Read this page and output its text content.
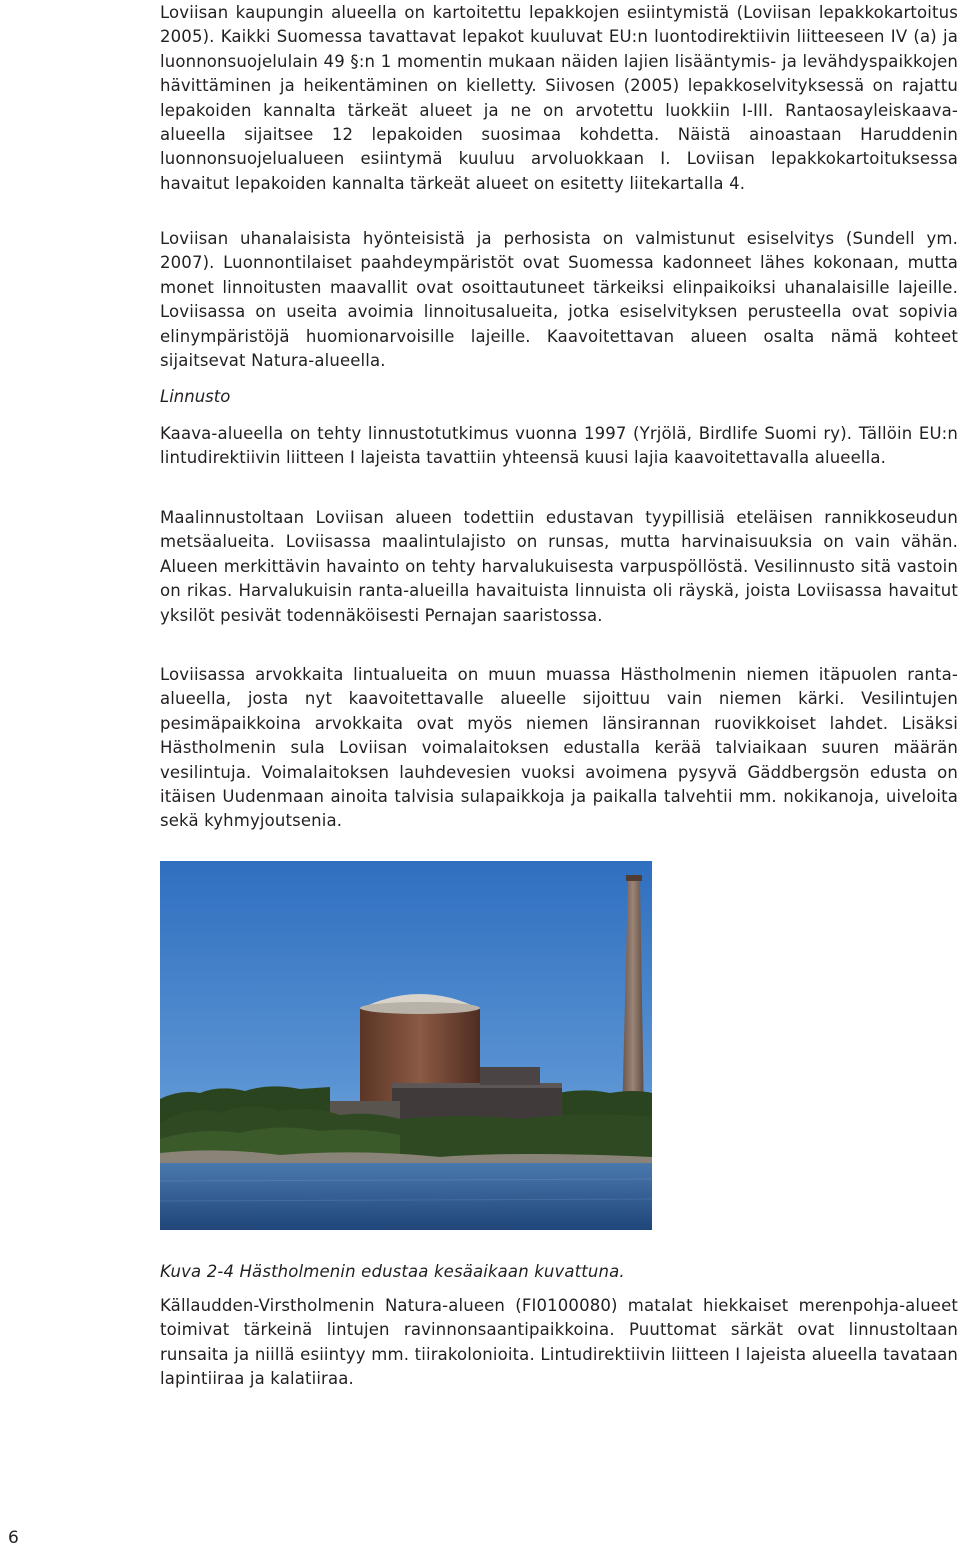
Loviisan kaupungin alueella on kartoitettu lepakkojen esiintymistä (Loviisan lepakkokartoitus 2005). Kaikki Suomessa tavattavat lepakot kuuluvat EU:n luontodirektiivin liitteeseen IV (a) ja luonnonsuojelulain 49 §:n 1 momentin mukaan näiden lajien lisääntymis- ja levähdyspaikkojen hävittäminen ja heikentäminen on kielletty. Siivosen (2005) lepakkoselvityksessä on rajattu lepakoiden kannalta tärkeät alueet ja ne on arvotettu luokkiin I-III. Rantaosayleiskaava-alueella sijaitsee 12 lepakoiden suosimaa kohdetta. Näistä ainoastaan Haruddenin luonnonsuojelualueen esiintymä kuuluu arvoluokkaan I. Loviisan lepakkokartoituksessa havaitut lepakoiden kannalta tärkeät alueet on esitetty liitekartalla 4.

Loviisan uhanalaisista hyönteisistä ja perhosista on valmistunut esiselvitys (Sundell ym. 2007). Luonnontilaiset paahdeympäristöt ovat Suomessa kadonneet lähes kokonaan, mutta monet linnoitusten maavallit ovat osoittautuneet tärkeiksi elinpaikoiksi uhanalaisille lajeille. Loviisassa on useita avoimia linnoitusalueita, jotka esiselvityksen perusteella ovat sopivia elinympäristöjä huomionarvoisille lajeille. Kaavoitettavan alueen osalta nämä kohteet sijaitsevat Natura-alueella.

Linnusto

Kaava-alueella on tehty linnustotutkimus vuonna 1997 (Yrjölä, Birdlife Suomi ry). Tällöin EU:n lintudirektiivin liitteen I lajeista tavattiin yhteensä kuusi lajia kaavoitettavalla alueella.

Maalinnustoltaan Loviisan alueen todettiin edustavan tyypillisiä eteläisen rannikkoseudun metsäalueita. Loviisassa maalintulajisto on runsas, mutta harvinaisuuksia on vain vähän. Alueen merkittävin havainto on tehty harvalukuisesta varpuspöllöstä. Vesilinnusto sitä vastoin on rikas. Harvalukuisin ranta-alueilla havaituista linnuista oli räyskä, joista Loviisassa havaitut yksilöt pesivät todennäköisesti Pernajan saaristossa.

Loviisassa arvokkaita lintualueita on muun muassa Hästholmenin niemen itäpuolen ranta-alueella, josta nyt kaavoitettavalle alueelle sijoittuu vain niemen kärki. Vesilintujen pesimäpaikkoina arvokkaita ovat myös niemen länsirannan ruovikkoiset lahdet. Lisäksi Hästholmenin sula Loviisan voimalaitoksen edustalla kerää talviaikaan suuren määrän vesilintuja. Voimalaitoksen lauhdevesien vuoksi avoimena pysyvä Gäddbergsön edusta on itäisen Uudenmaan ainoita talvisia sulapaikkoja ja paikalla talvehtii mm. nokikanoja, uiveloita sekä kyhmyjoutsenia.

Källaudden-Virstholmenin Natura-alueen (FI0100080) matalat hiekkaiset merenpohja-alueet toimivat tärkeinä lintujen ravinnonsaantipaikkoina. Puuttomat särkät ovat linnustoltaan runsaita ja niillä esiintyy mm. tiirakolonioita. Lintudirektiivin liitteen I lajeista alueella tavataan lapintiiraa ja kalatiiraa.

Kuva 2-4 Hästholmenin edustaa kesäaikaan kuvattuna.
6
